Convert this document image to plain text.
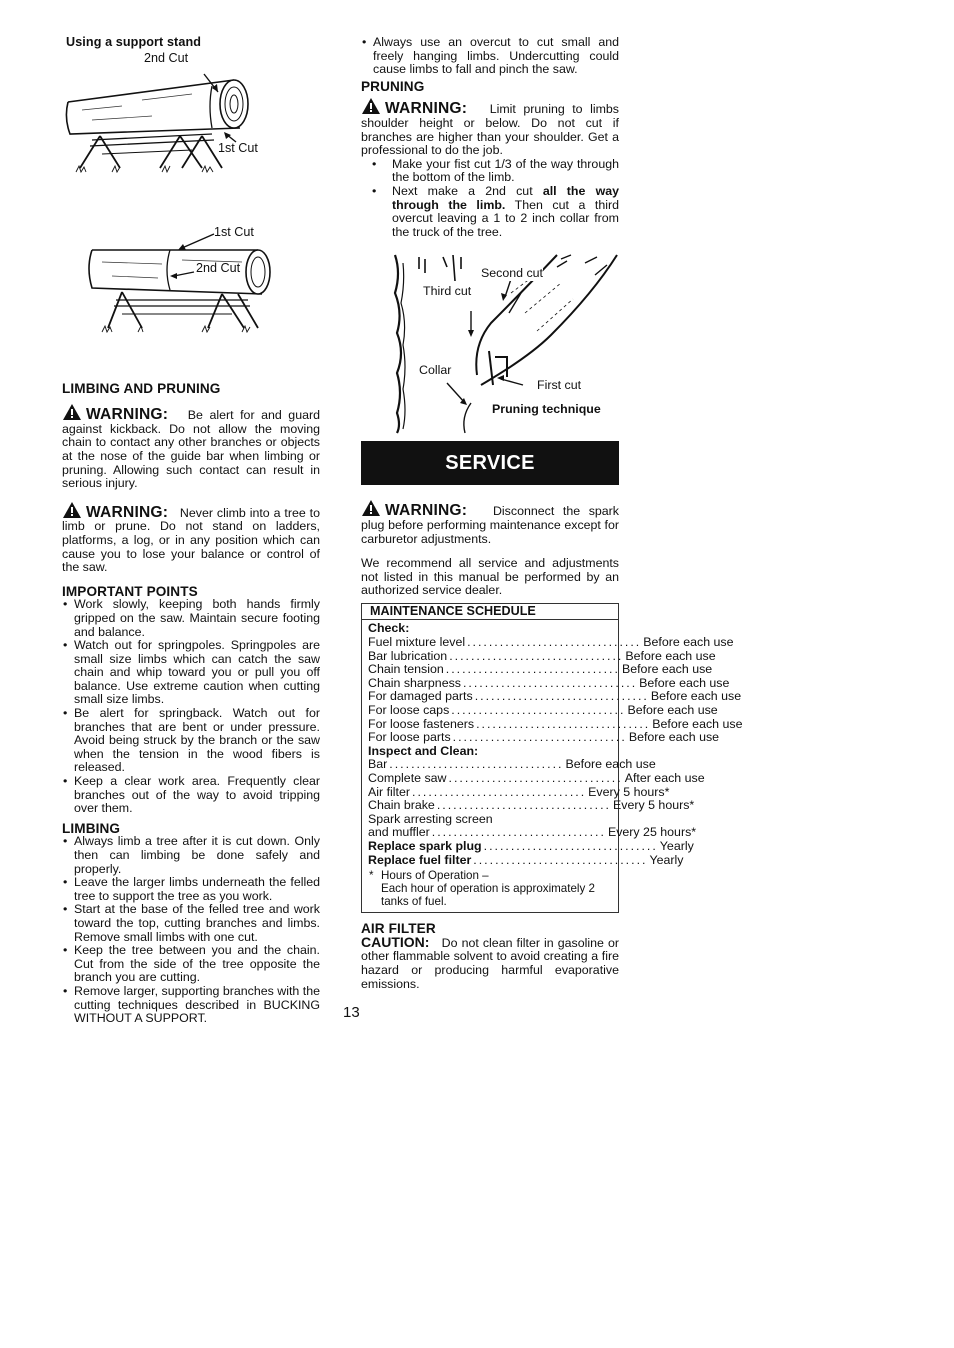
Using a support stand
2nd Cut
1st Cut
1st Cut
2nd Cut
LIMBING AND PRUNING

WARNING: Be alert for and guard against kickback. Do not allow the moving chain to contact any other branches or objects at the nose of the guide bar when limbing or pruning. Allowing such contact can result in serious injury.

WARNING: Never climb into a tree to limb or prune. Do not stand on ladders, platforms, a log, or in any position which can cause you to lose your balance or control of the saw.

IMPORTANT POINTS
• Work slowly, keeping both hands firmly gripped on the saw. Maintain secure footing and balance.
• Watch out for springpoles. Springpoles are small size limbs which can catch the saw chain and whip toward you or pull you off balance. Use extreme caution when cutting small size limbs.
• Be alert for springback. Watch out for branches that are bent or under pressure. Avoid being struck by the branch or the saw when the tension in the wood fibers is released.
• Keep a clear work area. Frequently clear branches out of the way to avoid tripping over them.
LIMBING
• Always limb a tree after it is cut down. Only then can limbing be done safely and properly.
• Leave the larger limbs underneath the felled tree to support the tree as you work.
• Start at the base of the felled tree and work toward the top, cutting branches and limbs. Remove small limbs with one cut.
• Keep the tree between you and the chain. Cut from the side of the tree opposite the branch you are cutting.
• Remove larger, supporting branches with the cutting techniques described in BUCKING WITHOUT A SUPPORT.
• Always use an overcut to cut small and freely hanging limbs. Undercutting could cause limbs to fall and pinch the saw.
PRUNING

WARNING: Limit pruning to limbs shoulder height or below. Do not cut if branches are higher than your shoulder. Get a professional to do the job.

• Make your fist cut 1/3 of the way through the bottom of the limb.
• Next make a 2nd cut all the way through the limb. Then cut a third overcut leaving a 1 to 2 inch collar from the truck of the tree.
Second cut
Third cut
Collar
First cut
Pruning technique
SERVICE

WARNING: Disconnect the spark plug before performing maintenance except for carburetor adjustments.

We recommend all service and adjustments not listed in this manual be performed by an authorized service dealer.

MAINTENANCE SCHEDULE
Check:
Fuel mixture level ................................ Before each use
Bar lubrication ................................ Before each use
Chain tension ................................ Before each use
Chain sharpness ................................ Before each use
For damaged parts ................................ Before each use
For loose caps ................................ Before each use
For loose fasteners ................................ Before each use
For loose parts ................................ Before each use
Inspect and Clean:
Bar ................................ Before each use
Complete saw ................................ After each use
Air filter ................................ Every 5 hours*
Chain brake ................................ Every 5 hours*
Spark arresting screen
and muffler ................................ Every 25 hours*
Replace spark plug ................................ Yearly
Replace fuel filter ................................ Yearly
* Hours of Operation –
Each hour of operation is approximately 2 tanks of fuel.
AIR FILTER

CAUTION: Do not clean filter in gasoline or other flammable solvent to avoid creating a fire hazard or producing harmful evaporative emissions.

13
